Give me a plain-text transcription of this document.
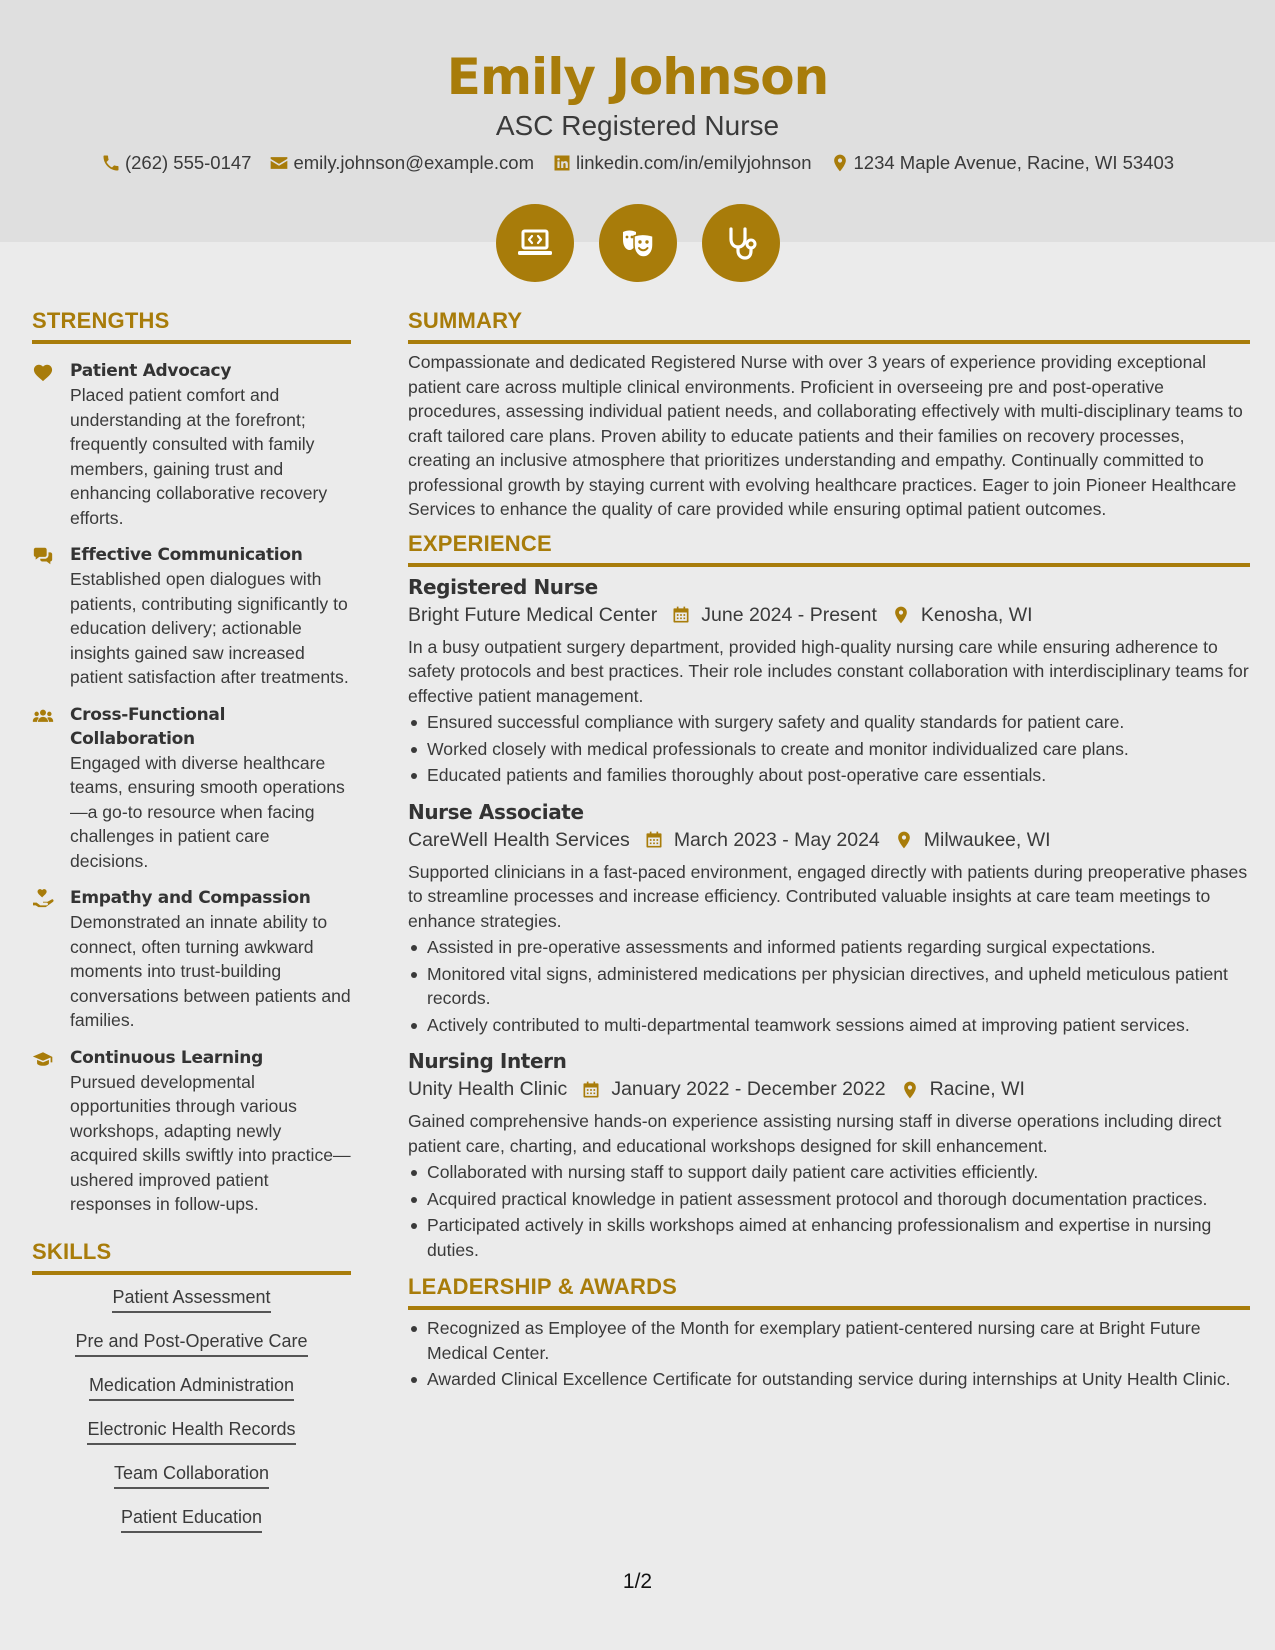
Emily Johnson
ASC Registered Nurse
(262) 555-0147 emily.johnson@example.com linkedin.com/in/emilyjohnson 1234 Maple Avenue, Racine, WI 53403
STRENGTHS
Patient Advocacy
Placed patient comfort and understanding at the forefront; frequently consulted with family members, gaining trust and enhancing collaborative recovery efforts.
Effective Communication
Established open dialogues with patients, contributing significantly to education delivery; actionable insights gained saw increased patient satisfaction after treatments.
Cross-Functional Collaboration
Engaged with diverse healthcare teams, ensuring smooth operations—a go-to resource when facing challenges in patient care decisions.
Empathy and Compassion
Demonstrated an innate ability to connect, often turning awkward moments into trust-building conversations between patients and families.
Continuous Learning
Pursued developmental opportunities through various workshops, adapting newly acquired skills swiftly into practice—ushered improved patient responses in follow-ups.
SKILLS
Patient Assessment
Pre and Post-Operative Care
Medication Administration
Electronic Health Records
Team Collaboration
Patient Education
SUMMARY

Compassionate and dedicated Registered Nurse with over 3 years of experience providing exceptional patient care across multiple clinical environments. Proficient in overseeing pre and post-operative procedures, assessing individual patient needs, and collaborating effectively with multi-disciplinary teams to craft tailored care plans. Proven ability to educate patients and their families on recovery processes, creating an inclusive atmosphere that prioritizes understanding and empathy. Continually committed to professional growth by staying current with evolving healthcare practices. Eager to join Pioneer Healthcare Services to enhance the quality of care provided while ensuring optimal patient outcomes.

EXPERIENCE
Registered Nurse
Bright Future Medical Center June 2024 - Present Kenosha, WI

In a busy outpatient surgery department, provided high-quality nursing care while ensuring adherence to safety protocols and best practices. Their role includes constant collaboration with interdisciplinary teams for effective patient management.

Ensured successful compliance with surgery safety and quality standards for patient care.
Worked closely with medical professionals to create and monitor individualized care plans.
Educated patients and families thoroughly about post-operative care essentials.
Nurse Associate
CareWell Health Services March 2023 - May 2024 Milwaukee, WI

Supported clinicians in a fast-paced environment, engaged directly with patients during preoperative phases to streamline processes and increase efficiency. Contributed valuable insights at care team meetings to enhance strategies.

Assisted in pre-operative assessments and informed patients regarding surgical expectations.
Monitored vital signs, administered medications per physician directives, and upheld meticulous patient records.
Actively contributed to multi-departmental teamwork sessions aimed at improving patient services.
Nursing Intern
Unity Health Clinic January 2022 - December 2022 Racine, WI

Gained comprehensive hands-on experience assisting nursing staff in diverse operations including direct patient care, charting, and educational workshops designed for skill enhancement.

Collaborated with nursing staff to support daily patient care activities efficiently.
Acquired practical knowledge in patient assessment protocol and thorough documentation practices.
Participated actively in skills workshops aimed at enhancing professionalism and expertise in nursing duties.
LEADERSHIP & AWARDS
Recognized as Employee of the Month for exemplary patient-centered nursing care at Bright Future Medical Center.
Awarded Clinical Excellence Certificate for outstanding service during internships at Unity Health Clinic.
1/2
